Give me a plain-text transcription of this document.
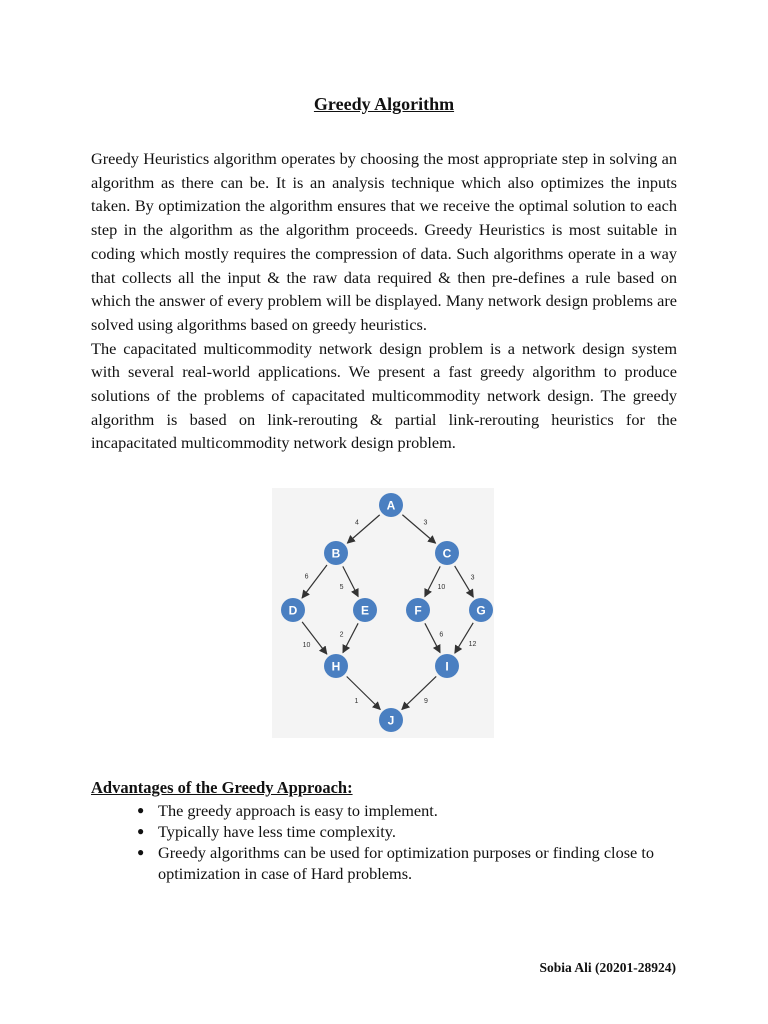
Greedy Algorithm

Greedy Heuristics algorithm operates by choosing the most appropriate step in solving an algorithm as there can be. It is an analysis technique which also optimizes the inputs taken. By optimization the algorithm ensures that we receive the optimal solution to each step in the algorithm as the algorithm proceeds. Greedy Heuristics is most suitable in coding which mostly requires the compression of data. Such algorithms operate in a way that collects all the input & the raw data required & then pre-defines a rule based on which the answer of every problem will be displayed. Many network design problems are solved using algorithms based on greedy heuristics.

The capacitated multicommodity network design problem is a network design system with several real-world applications. We present a fast greedy algorithm to produce solutions of the problems of capacitated multicommodity network design. The greedy algorithm is based on link-rerouting & partial link-rerouting heuristics for the incapacitated multicommodity network design problem.

4	3
6
5	10
3
10
2	6
12
1	9
A
B	C
D	E	F	G
H	I
J
Advantages of the Greedy Approach:
● The greedy approach is easy to implement.
● Typically have less time complexity.
● Greedy algorithms can be used for optimization purposes or finding close to optimization in case of Hard problems.
Sobia Ali (20201-28924)
